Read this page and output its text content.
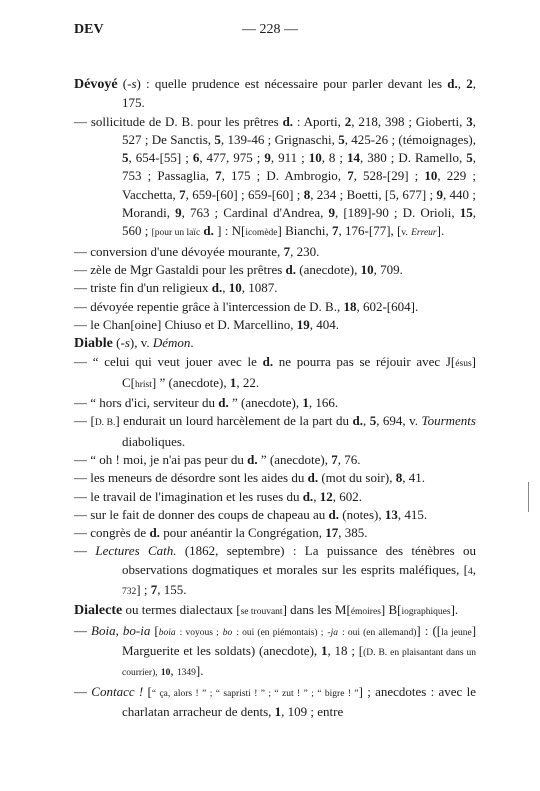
DEV	— 228 —
Dévoyé (-s) : quelle prudence est nécessaire pour parler devant les d., 2, 175.
— sollicitude de D. B. pour les prêtres d. : Aporti, 2, 218, 398 ; Gioberti, 3, 527 ; De Sanctis, 5, 139-46 ; Grignaschi, 5, 425-26 ; (témoignages), 5, 654-[55] ; 6, 477, 975 ; 9, 911 ; 10, 8 ; 14, 380 ; D. Ramello, 5, 753 ; Passaglia, 7, 175 ; D. Ambrogio, 7, 528-[29] ; 10, 229 ; Vacchetta, 7, 659-[60] ; 659-[60] ; 8, 234 ; Boetti, [5, 677] ; 9, 440 ; Morandi, 9, 763 ; Cardinal d'Andrea, 9, [189]-90 ; D. Orioli, 15, 560 ; [pour un laïc d. ] : N[icomède] Bianchi, 7, 176-[77], [v. Erreur].
— conversion d'une dévoyée mourante, 7, 230.
— zèle de Mgr Gastaldi pour les prêtres d. (anecdote), 10, 709.
— triste fin d'un religieux d., 10, 1087.
— dévoyée repentie grâce à l'intercession de D. B., 18, 602-[604].
— le Chan[oine] Chiuso et D. Marcellino, 19, 404.
Diable (-s), v. Démon.
— “ celui qui veut jouer avec le d. ne pourra pas se réjouir avec J[ésus] C[hrist] ” (anecdote), 1, 22.
— “ hors d'ici, serviteur du d. ” (anecdote), 1, 166.
— [D. B.] endurait un lourd harcèlement de la part du d., 5, 694, v. Tourments diaboliques.
— “ oh ! moi, je n'ai pas peur du d. ” (anecdote), 7, 76.
— les meneurs de désordre sont les aides du d. (mot du soir), 8, 41.
— le travail de l'imagination et les ruses du d., 12, 602.
— sur le fait de donner des coups de chapeau au d. (notes), 13, 415.
— congrès de d. pour anéantir la Congrégation, 17, 385.
— Lectures Cath. (1862, septembre) : La puissance des ténèbres ou observations dogmatiques et morales sur les esprits maléfiques, [4, 732] ; 7, 155.
Dialecte ou termes dialectaux [se trouvant] dans les M[émoires] B[iographiques].
— Boia, bo-ia [boia : voyous ; bo : oui (en piémontais) ; -ja : oui (en allemand)] : ([la jeune] Marguerite et les soldats) (anecdote), 1, 18 ; [(D. B. en plaisantant dans un courrier), 10, 1349].
— Contacc ! [“ ça, alors ! ” ; “ sapristi ! ” ; “ zut ! ” ; “ bigre ! ”] ; anecdotes : avec le charlatan arracheur de dents, 1, 109 ; entre
